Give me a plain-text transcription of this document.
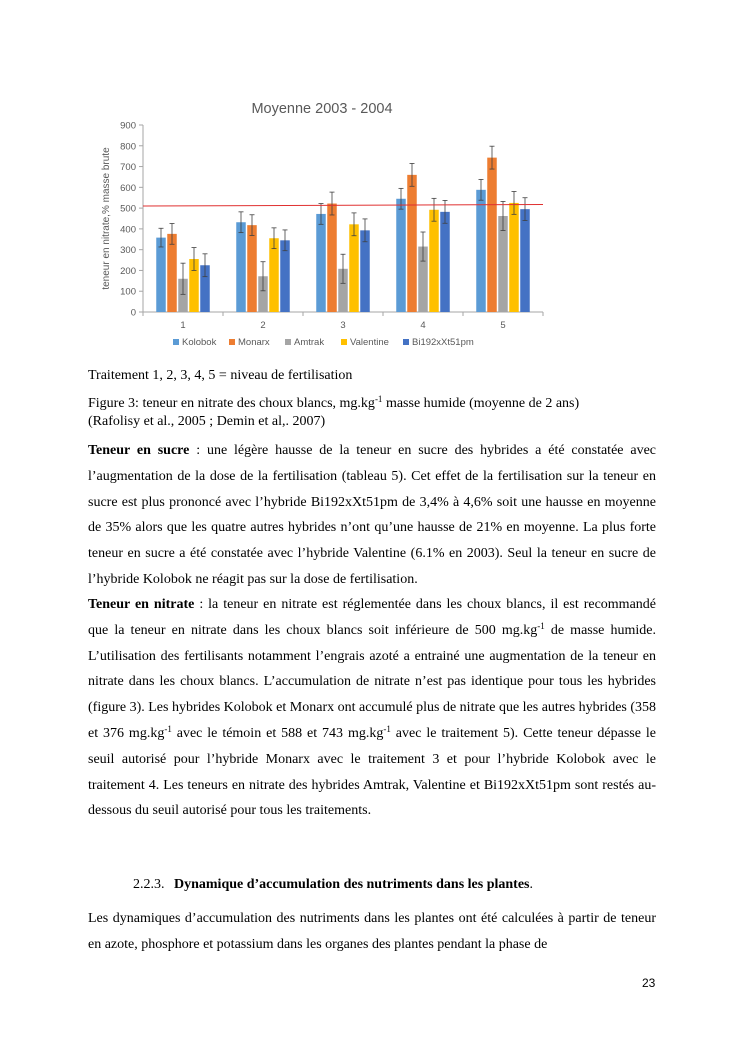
Moyenne 2003 - 2004
0
100
200
300
400
500
600
700
800
900
teneur en nitrate,% masse brute
1	2	3	4	5
Kolobok Monarx	Amtrak	Valentine Bi192xXt51pm
Traitement 1, 2, 3, 4, 5 = niveau de fertilisation
Figure 3: teneur en nitrate des choux blancs, $mg.kg^{-1}$ masse humide (moyenne de 2 ans)
(Rafolisy et al., 2005 ; Demin et al,. 2007)

Teneur en sucre : une légère hausse de la teneur en sucre des hybrides a été constatée avec l’augmentation de la dose de la fertilisation (tableau 5). Cet effet de la fertilisation sur la teneur en sucre est plus prononcé avec l’hybride Bi192xXt51pm de 3,4% à 4,6% soit une hausse en moyenne de 35% alors que les quatre autres hybrides n’ont qu’une hausse de 21% en moyenne. La plus forte teneur en sucre a été constatée avec l’hybride Valentine (6.1% en 2003). Seul la teneur en sucre de l’hybride Kolobok ne réagit pas sur la dose de fertilisation.

Teneur en nitrate : la teneur en nitrate est réglementée dans les choux blancs, il est recommandé que la teneur en nitrate dans les choux blancs soit inférieure de 500 $mg.kg^{-1}$ de masse humide. L’utilisation des fertilisants notamment l’engrais azoté a entrainé une augmentation de la teneur en nitrate dans les choux blancs. L’accumulation de nitrate n’est pas identique pour tous les hybrides (figure 3). Les hybrides Kolobok et Monarx ont accumulé plus de nitrate que les autres hybrides (358 et 376 $mg.kg^{-1}$ avec le témoin et 588 et 743 $mg.kg^{-1}$ avec le traitement 5). Cette teneur dépasse le seuil autorisé pour l’hybride Monarx avec le traitement 3 et pour l’hybride Kolobok avec le traitement 4. Les teneurs en nitrate des hybrides Amtrak, Valentine et Bi192xXt51pm sont restés au-dessous du seuil autorisé pour tous les traitements.

2.2.3. Dynamique d’accumulation des nutriments dans les plantes.

Les dynamiques d’accumulation des nutriments dans les plantes ont été calculées à partir de teneur en azote, phosphore et potassium dans les organes des plantes pendant la phase de

23
